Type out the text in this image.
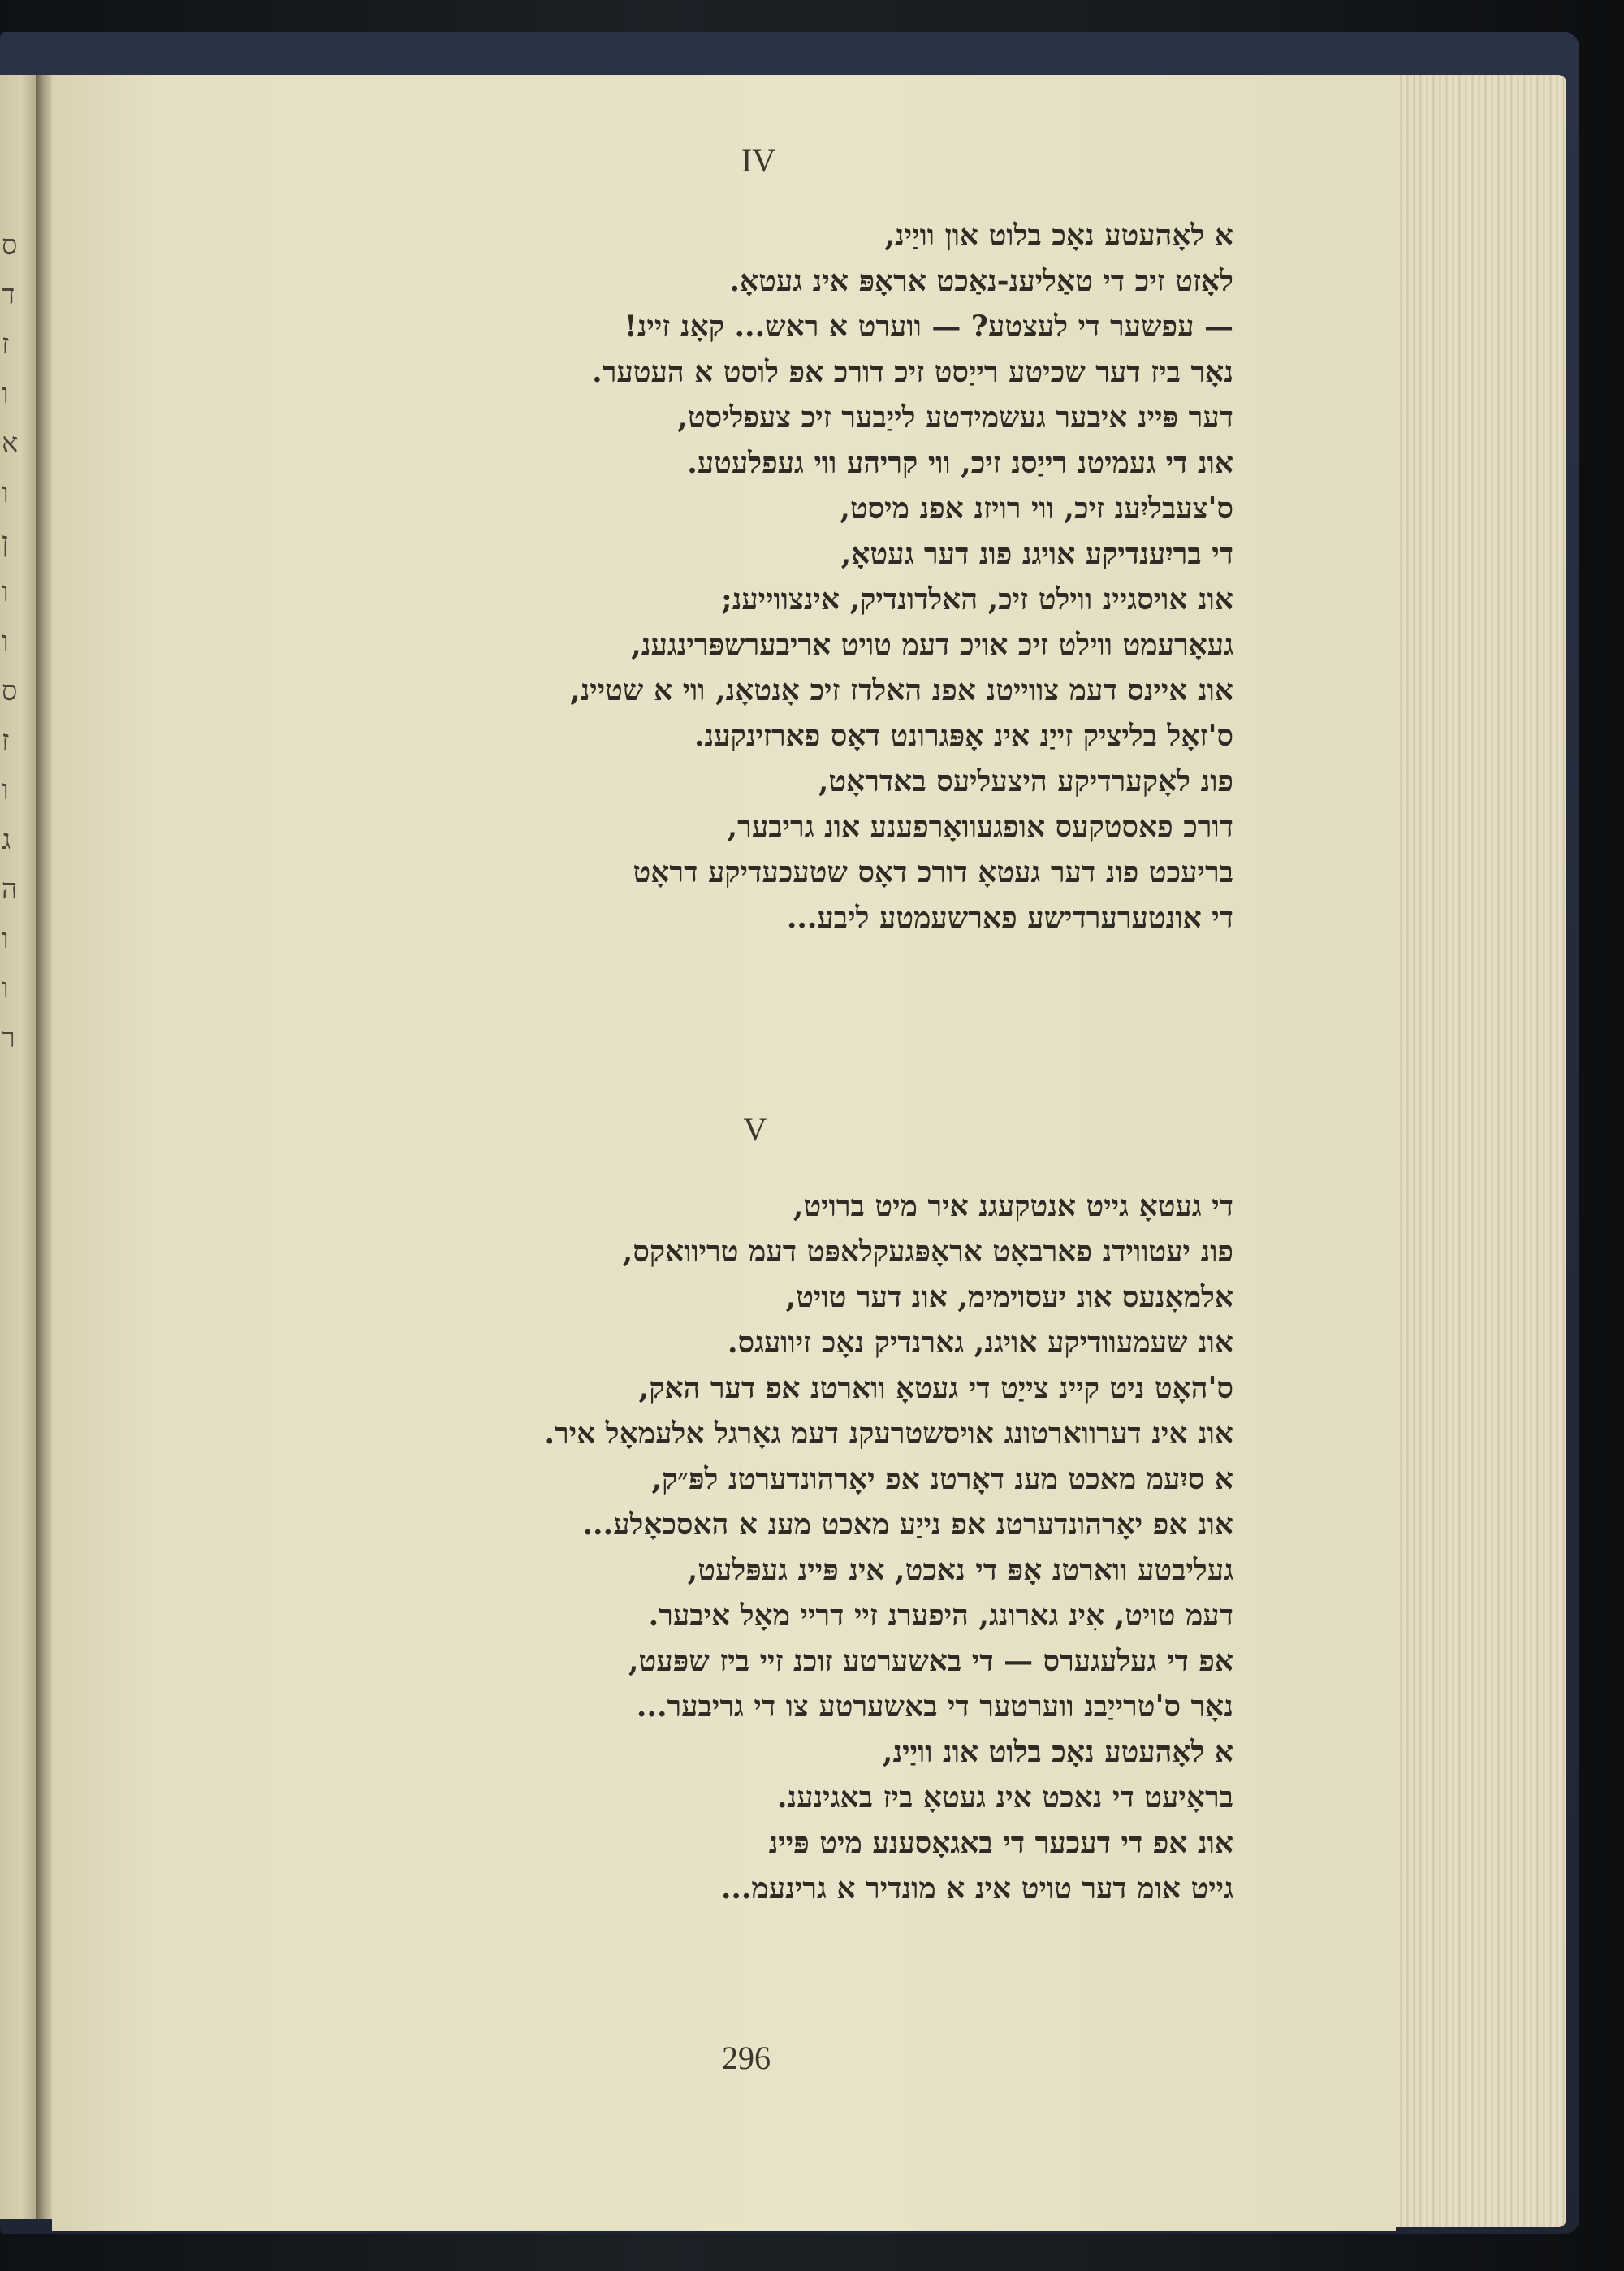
ס
ד
ז
ו
א
ו
ן
ו
ו
ס
ז
ו
ג
ה
ו
ו
ר
IV
א לאָהעטע נאָכ בלוט און וויַינ,
לאָזט זיכ די טאַליענ-נאַכט אראָפּ אינ געטאָ.
— עפשער די לעצטע? — ווערט א ראש... קאָנ זיינ!
נאָר ביז דער שכיטע רייַסט זיכ דורכ אפ לוסט א העטער.
דער פּיינ איבער געשמידטע לייַבער זיכ צעפליסט,
אונ די געמיטנ רייַסנ זיכ, ווי קריהע ווי געפלעטע.
ס'צעבליִענ זיכ, ווי רויזנ אפנ מיסט,
די בריִענדיקע אויגנ פונ דער געטאָ,
אונ אויסגיינ ווילט זיכ, האלדונדיק, אינצווייענ;
געאָרעמט ווילט זיכ אויכ דעמ טויט אריבערשפּרינגענ,
אונ איינס דעמ צווייטנ אפנ האלדז זיכ אָנטאָנ, ווי א שטיינ,
ס'זאָל בליציק זייַנ אינ אָפּגרונט דאָס פארזינקענ.
פונ לאָקערדיקע היצעליעס באדראָט,
דורכ פאסטקעס אופגעוואָרפענע אונ גריבער,
בריעכט פונ דער געטאָ דורכ דאָס שטעכעדיקע דראָט
די אונטערערדישע פארשעמטע ליבע...
V
די געטאָ גייט אנטקעגנ איר מיט ברויט,
פונ יעטווידנ פארבאָט אראָפּגעקלאפּט דעמ טריוואקס,
אלמאָנעס אונ יעסוימימ, אונ דער טויט,
אונ שעמעוודיקע אויגנ, גארנדיק נאָכ זיוועגס.
ס'האָט ניט קיינ צייַט די געטאָ ווארטנ אפ דער האק,
אונ אינ דערווארטונג אויסשטרעקנ דעמ גאָרגל אלעמאָל איר.
א סיִעמ מאכט מענ דאָרטנ אפ יאָרהונדערטנ לפּ״ק,
אונ אפ יאָרהונדערטנ אפ נייַע מאכט מענ א האסכאָלע...
געליבטע ווארטנ אָפּ די נאכט, אינ פּיינ געפּלעט,
דעמ טויט, אִינ גארונג, היפערנ זיי דריי מאָל איבער.
אפ די געלעגערס — די באשערטע זוכנ זיי ביז שפּעט,
נאָר ס'טרייַבנ ווערטער די באשערטע צו די גריבער...
א לאָהעטע נאָכ בלוט אונ וויַינ,
בראָיעט די נאכט אינ געטאָ ביז באגינענ.
אונ אפ די דעכער די באגאָסענע מיט פּיינ
גייט אומ דער טויט אינ א מונדיר א גרינעמ...
296
